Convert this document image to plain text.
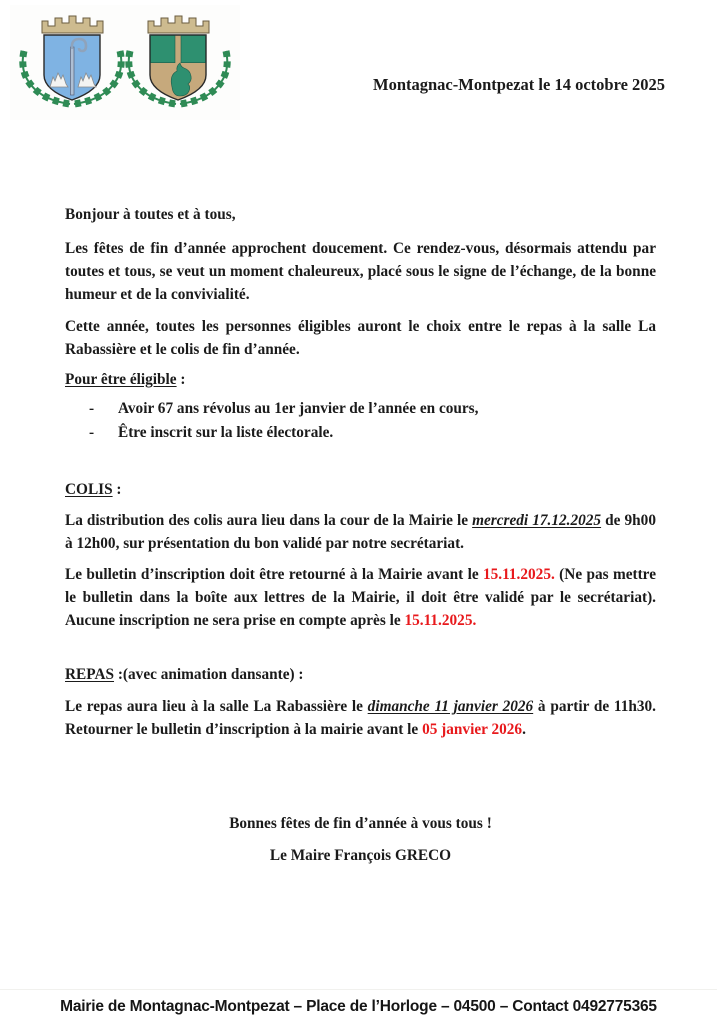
Montagnac-Montpezat le 14 octobre 2025
Bonjour à toutes et à tous,
Les fêtes de fin d’année approchent doucement. Ce rendez-vous, désormais attendu par
toutes et tous, se veut un moment chaleureux, placé sous le signe de l’échange, de la bonne
humeur et de la convivialité.
Cette année, toutes les personnes éligibles auront le choix entre le repas à la salle La
Rabassière et le colis de fin d’année.
Pour être éligible :
-	Avoir 67 ans révolus au 1er janvier de l’année en cours,
-	Être inscrit sur la liste électorale.
COLIS :
La distribution des colis aura lieu dans la cour de la Mairie le mercredi 17.12.2025 de 9h00
à 12h00, sur présentation du bon validé par notre secrétariat.
Le bulletin d’inscription doit être retourné à la Mairie avant le 15.11.2025. (Ne pas mettre
le bulletin dans la boîte aux lettres de la Mairie, il doit être validé par le secrétariat).
Aucune inscription ne sera prise en compte après le 15.11.2025.
REPAS :(avec animation dansante) :
Le repas aura lieu à la salle La Rabassière le dimanche 11 janvier 2026 à partir de 11h30.
Retourner le bulletin d’inscription à la mairie avant le 05 janvier 2026.
Bonnes fêtes de fin d’année à vous tous !
Le Maire François GRECO
Mairie de Montagnac-Montpezat – Place de l’Horloge – 04500 – Contact 0492775365
